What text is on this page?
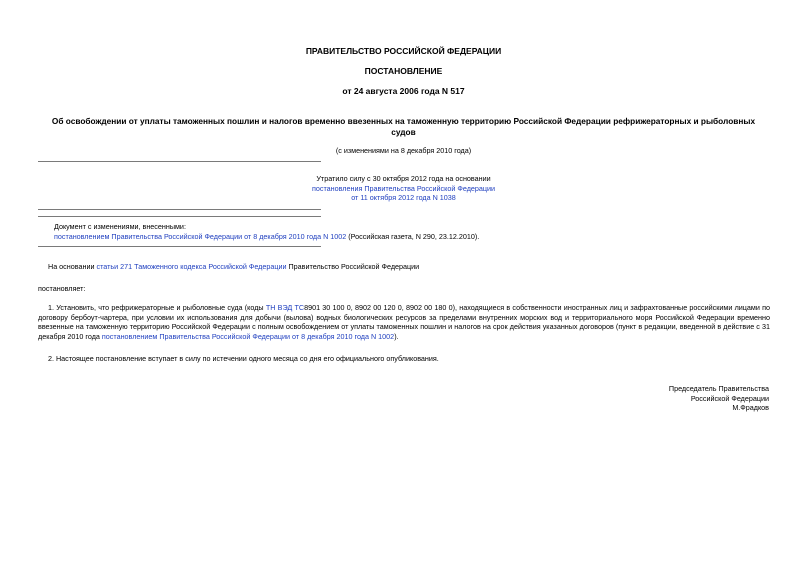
ПРАВИТЕЛЬСТВО РОССИЙСКОЙ ФЕДЕРАЦИИ
ПОСТАНОВЛЕНИЕ
от 24 августа 2006 года N 517
Об освобождении от уплаты таможенных пошлин и налогов временно ввезенных на таможенную территорию Российской Федерации рефрижераторных и рыболовных судов
(с изменениями на 8 декабря 2010 года)
Утратило силу с 30 октября 2012 года на основании
постановления Правительства Российской Федерации
от 11 октября 2012 года N 1038
Документ с изменениями, внесенными:
постановлением Правительства Российской Федерации от 8 декабря 2010 года N 1002 (Российская газета, N 290, 23.12.2010).
На основании статьи 271 Таможенного кодекса Российской Федерации Правительство Российской Федерации
постановляет:
1. Установить, что рефрижераторные и рыболовные суда (коды ТН ВЭД ТС8901 30 100 0, 8902 00 120 0, 8902 00 180 0), находящиеся в собственности иностранных лиц и зафрахтованные российскими лицами по договору бербоут-чартера, при условии их использования для добычи (вылова) водных биологических ресурсов за пределами внутренних морских вод и территориального моря Российской Федерации временно ввезенные на таможенную территорию Российской Федерации с полным освобождением от уплаты таможенных пошлин и налогов на срок действия указанных договоров (пункт в редакции, введенной в действие с 31 декабря 2010 года постановлением Правительства Российской Федерации от 8 декабря 2010 года N 1002).
2. Настоящее постановление вступает в силу по истечении одного месяца со дня его официального опубликования.
Председатель Правительства
Российской Федерации
М.Фрадков
